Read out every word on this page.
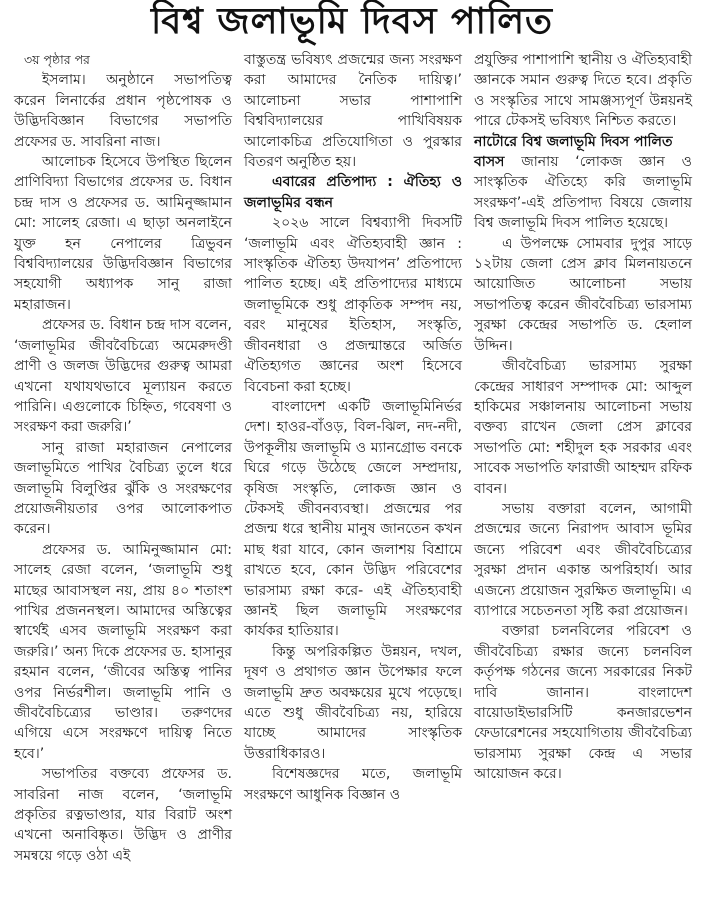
বিশ্ব জলাভূমি দিবস পালিত

৩য় পৃষ্ঠার পর

ইসলাম। অনুষ্ঠানে সভাপতিত্ব করেন লিনার্কের প্রধান পৃষ্ঠপোষক ও উদ্ভিদবিজ্ঞান বিভাগের সভাপতি প্রফেসর ড. সাবরিনা নাজ।

আলোচক হিসেবে উপস্থিত ছিলেন প্রাণিবিদ্যা বিভাগের প্রফেসর ড. বিধান চন্দ্র দাস ও প্রফেসর ড. আমিনুজ্জামান মো: সালেহ রেজা। এ ছাড়া অনলাইনে যুক্ত হন নেপালের ত্রিভুবন বিশ্ববিদ্যালয়ের উদ্ভিদবিজ্ঞান বিভাগের সহযোগী অধ্যাপক সানু রাজা মহারাজন।

প্রফেসর ড. বিধান চন্দ্র দাস বলেন, ‘জলাভূমির জীববৈচিত্র্যে অমেরুদণ্ডী প্রাণী ও জলজ উদ্ভিদের গুরুত্ব আমরা এখনো যথাযথভাবে মূল্যায়ন করতে পারিনি। এগুলোকে চিহ্নিত, গবেষণা ও সংরক্ষণ করা জরুরি।’

সানু রাজা মহারাজন নেপালের জলাভূমিতে পাখির বৈচিত্র্য তুলে ধরে জলাভূমি বিলুপ্তির ঝুঁকি ও সংরক্ষণের প্রয়োজনীয়তার ওপর আলোকপাত করেন।

প্রফেসর ড. আমিনুজ্জামান মো: সালেহ রেজা বলেন, ‘জলাভূমি শুধু মাছের আবাসস্থল নয়, প্রায় ৪০ শতাংশ পাখির প্রজননস্থল। আমাদের অস্তিত্বের স্বার্থেই এসব জলাভূমি সংরক্ষণ করা জরুরি।’ অন্য দিকে প্রফেসর ড. হাসানুর রহমান বলেন, ‘জীবের অস্তিত্ব পানির ওপর নির্ভরশীল। জলাভূমি পানি ও জীববৈচিত্র্যের ভাণ্ডার। তরুণদের এগিয়ে এসে সংরক্ষণে দায়িত্ব নিতে হবে।’

সভাপতির বক্তব্যে প্রফেসর ড. সাবরিনা নাজ বলেন, ‘জলাভূমি প্রকৃতির রত্নভাণ্ডার, যার বিরাট অংশ এখনো অনাবিষ্কৃত। উদ্ভিদ ও প্রাণীর সমন্বয়ে গড়ে ওঠা এই

বাস্তুতন্ত্র ভবিষ্যৎ প্রজন্মের জন্য সংরক্ষণ করা আমাদের নৈতিক দায়িত্ব।’ আলোচনা সভার পাশাপাশি বিশ্ববিদ্যালয়ের পাখিবিষয়ক আলোকচিত্র প্রতিযোগিতা ও পুরস্কার বিতরণ অনুষ্ঠিত হয়।

এবারের প্রতিপাদ্য : ঐতিহ্য ও জলাভূমির বন্ধন

২০২৬ সালে বিশ্বব্যাপী দিবসটি ‘জলাভূমি এবং ঐতিহ্যবাহী জ্ঞান : সাংস্কৃতিক ঐতিহ্য উদযাপন’ প্রতিপাদ্যে পালিত হচ্ছে। এই প্রতিপাদ্যের মাধ্যমে জলাভূমিকে শুধু প্রাকৃতিক সম্পদ নয়, বরং মানুষের ইতিহাস, সংস্কৃতি, জীবনধারা ও প্রজন্মান্তরে অর্জিত ঐতিহ্যগত জ্ঞানের অংশ হিসেবে বিবেচনা করা হচ্ছে।

বাংলাদেশ একটি জলাভূমিনির্ভর দেশ। হাওর-বাঁওড়, বিল-ঝিল, নদ-নদী, উপকূলীয় জলাভূমি ও ম্যানগ্রোভ বনকে ঘিরে গড়ে উঠেছে জেলে সম্প্রদায়, কৃষিজ সংস্কৃতি, লোকজ জ্ঞান ও টেকসই জীবনব্যবস্থা। প্রজন্মের পর প্রজন্ম ধরে স্থানীয় মানুষ জানতেন কখন মাছ ধরা যাবে, কোন জলাশয় বিশ্রামে রাখতে হবে, কোন উদ্ভিদ পরিবেশের ভারসাম্য রক্ষা করে- এই ঐতিহ্যবাহী জ্ঞানই ছিল জলাভূমি সংরক্ষণের কার্যকর হাতিয়ার।

কিন্তু অপরিকল্পিত উন্নয়ন, দখল, দূষণ ও প্রথাগত জ্ঞান উপেক্ষার ফলে জলাভূমি দ্রুত অবক্ষয়ের মুখে পড়েছে। এতে শুধু জীববৈচিত্র্য নয়, হারিয়ে যাচ্ছে আমাদের সাংস্কৃতিক উত্তরাধিকারও।

বিশেষজ্ঞদের মতে, জলাভূমি সংরক্ষণে আধুনিক বিজ্ঞান ও

প্রযুক্তির পাশাপাশি স্থানীয় ও ঐতিহ্যবাহী জ্ঞানকে সমান গুরুত্ব দিতে হবে। প্রকৃতি ও সংস্কৃতির সাথে সামঞ্জস্যপূর্ণ উন্নয়নই পারে টেকসই ভবিষ্যৎ নিশ্চিত করতে।

নাটোরে বিশ্ব জলাভূমি দিবস পালিত

বাসস জানায় ‘লোকজ জ্ঞান ও সাংস্কৃতিক ঐতিহ্যে করি জলাভূমি সংরক্ষণ’-এই প্রতিপাদ্য বিষয়ে জেলায় বিশ্ব জলাভূমি দিবস পালিত হয়েছে।

এ উপলক্ষে সোমবার দুপুর সাড়ে ১২টায় জেলা প্রেস ক্লাব মিলনায়তনে আয়োজিত আলোচনা সভায় সভাপতিত্ব করেন জীববৈচিত্র্য ভারসাম্য সুরক্ষা কেন্দ্রের সভাপতি ড. হেলাল উদ্দিন।

জীববৈচিত্র্য ভারসাম্য সুরক্ষা কেন্দ্রের সাধারণ সম্পাদক মো: আব্দুল হাকিমের সঞ্চালনায় আলোচনা সভায় বক্তব্য রাখেন জেলা প্রেস ক্লাবের সভাপতি মো: শহীদুল হক সরকার এবং সাবেক সভাপতি ফারাজী আহম্মদ রফিক বাবন।

সভায় বক্তারা বলেন, আগামী প্রজন্মের জন্যে নিরাপদ আবাস ভূমির জন্যে পরিবেশ এবং জীববৈচিত্র্যের সুরক্ষা প্রদান একান্ত অপরিহার্য। আর এজন্যে প্রয়োজন সুরক্ষিত জলাভূমি। এ ব্যাপারে সচেতনতা সৃষ্টি করা প্রয়োজন।

বক্তারা চলনবিলের পরিবেশ ও জীববৈচিত্র্য রক্ষার জন্যে চলনবিল কর্তৃপক্ষ গঠনের জন্যে সরকারের নিকট দাবি জানান। বাংলাদেশ বায়োডাইভারসিটি কনজারভেশন ফেডারেশনের সহযোগিতায় জীববৈচিত্র্য ভারসাম্য সুরক্ষা কেন্দ্র এ সভার আয়োজন করে।
